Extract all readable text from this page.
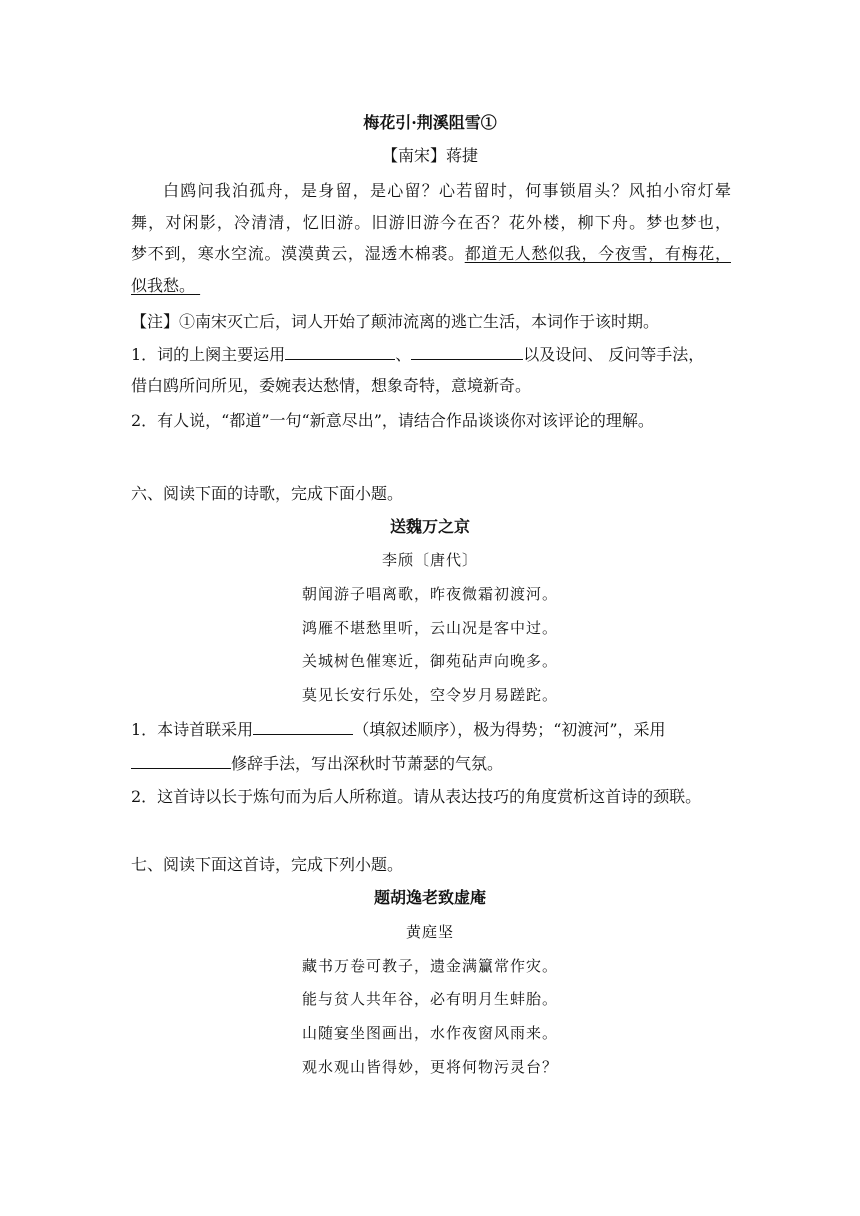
梅花引·荆溪阻雪①
【南宋】蒋捷
白鸥问我泊孤舟，是身留，是心留？心若留时，何事锁眉头？风拍小帘灯晕
舞，对闲影，冷清清，忆旧游。旧游旧游今在否？花外楼，柳下舟。梦也梦也，
梦不到，寒水空流。漠漠黄云，湿透木棉裘。都道无人愁似我，今夜雪，有梅花，
似我愁。
【注】①南宋灭亡后，词人开始了颠沛流离的逃亡生活，本词作于该时期。
1．词的上阕主要运用	、	以及设问、 反问等手法，
借白鸥所问所见，委婉表达愁情，想象奇特，意境新奇。
2．有人说，“都道”一句“新意尽出”，请结合作品谈谈你对该评论的理解。
六、阅读下面的诗歌，完成下面小题。
送魏万之京
李颀〔唐代〕
朝闻游子唱离歌，昨夜微霜初渡河。
鸿雁不堪愁里听，云山况是客中过。
关城树色催寒近，御苑砧声向晚多。
莫见长安行乐处，空令岁月易蹉跎。
1．本诗首联采用	（填叙述顺序），极为得势；“初渡河”，采用
修辞手法，写出深秋时节萧瑟的气氛。
2．这首诗以长于炼句而为后人所称道。请从表达技巧的角度赏析这首诗的颈联。
七、阅读下面这首诗，完成下列小题。
题胡逸老致虚庵
黄庭坚
藏书万卷可教子，遗金满籯常作灾。
能与贫人共年谷，必有明月生蚌胎。
山随宴坐图画出，水作夜窗风雨来。
观水观山皆得妙，更将何物污灵台？
